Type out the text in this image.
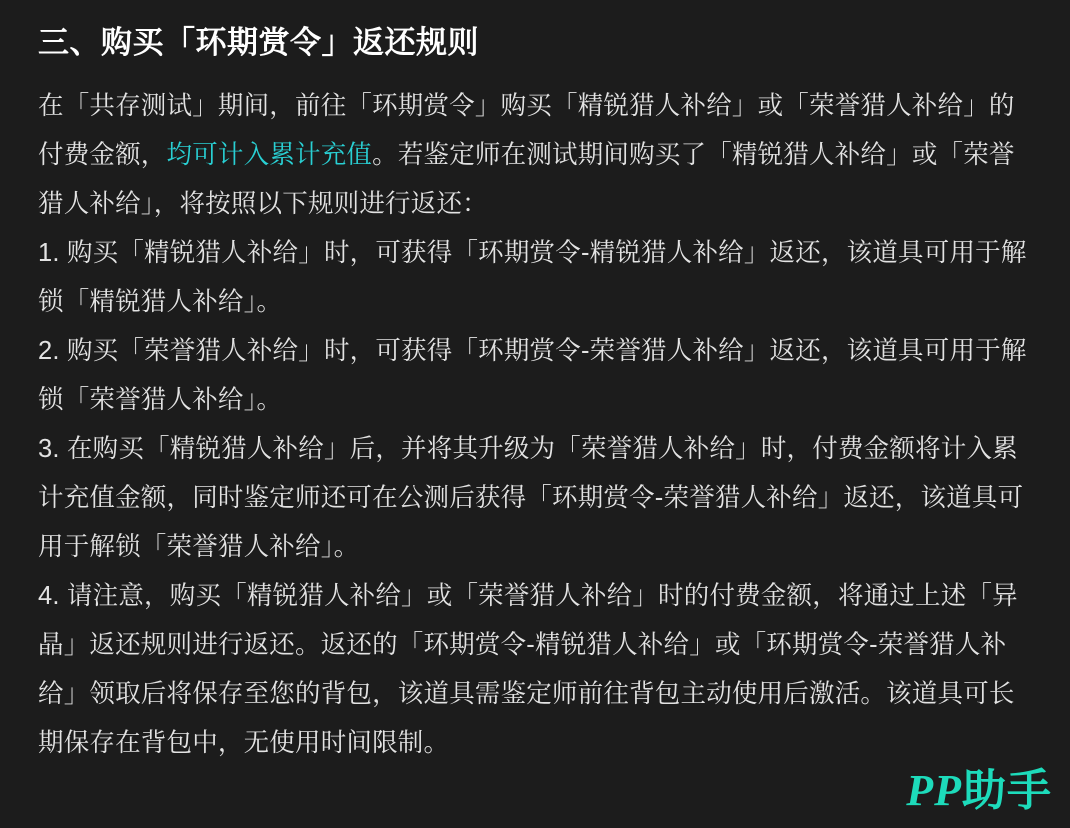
三、购买「环期赏令」返还规则

在「共存测试」期间，前往「环期赏令」购买「精锐猎人补给」或「荣誉猎人补给」的付费金额，均可计入累计充值。若鉴定师在测试期间购买了「精锐猎人补给」或「荣誉猎人补给」，将按照以下规则进行返还：

1. 购买「精锐猎人补给」时，可获得「环期赏令-精锐猎人补给」返还，该道具可用于解锁「精锐猎人补给」。

2. 购买「荣誉猎人补给」时，可获得「环期赏令-荣誉猎人补给」返还，该道具可用于解锁「荣誉猎人补给」。

3. 在购买「精锐猎人补给」后，并将其升级为「荣誉猎人补给」时，付费金额将计入累计充值金额，同时鉴定师还可在公测后获得「环期赏令-荣誉猎人补给」返还，该道具可用于解锁「荣誉猎人补给」。

4. 请注意，购买「精锐猎人补给」或「荣誉猎人补给」时的付费金额，将通过上述「异晶」返还规则进行返还。返还的「环期赏令-精锐猎人补给」或「环期赏令-荣誉猎人补给」领取后将保存至您的背包，该道具需鉴定师前往背包主动使用后激活。该道具可长期保存在背包中，无使用时间限制。

PP助手
